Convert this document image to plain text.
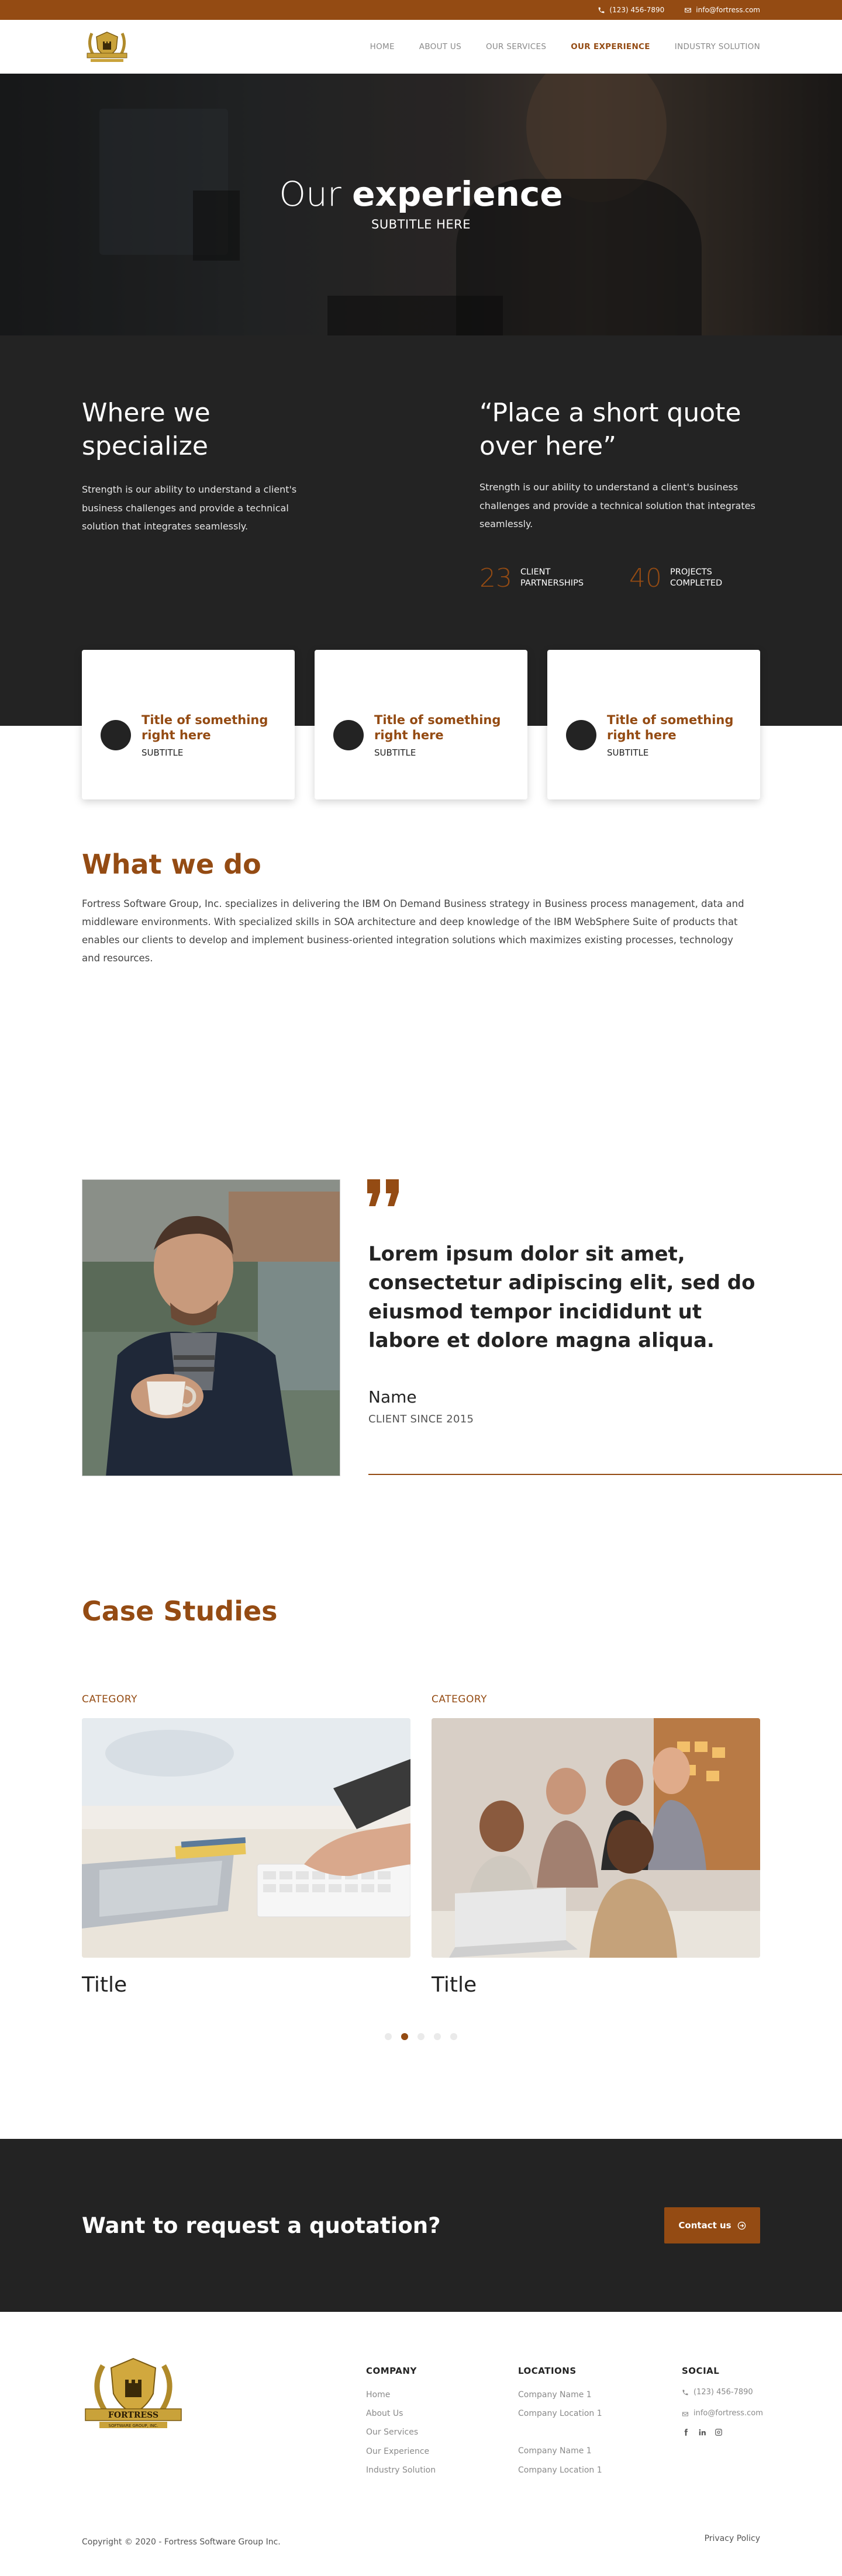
(123) 456-7890	info@fortress.com
HOME	ABOUT US	OUR SERVICES	OUR EXPERIENCE	INDUSTRY SOLUTION
Our experience
SUBTITLE HERE
Where we specialize

Strength is our ability to understand a client's business challenges and provide a technical solution that integrates seamlessly.

“Place a short quote over here”

Strength is our ability to understand a client's business challenges and provide a technical solution that integrates seamlessly.

23 CLIENT PARTNERSHIPS	40 PROJECTS COMPLETED
Title of something right here
SUBTITLE
Title of something right here
SUBTITLE
Title of something right here
SUBTITLE
What we do

Fortress Software Group, Inc. specializes in delivering the IBM On Demand Business strategy in Business process management, data and middleware environments. With specialized skills in SOA architecture and deep knowledge of the IBM WebSphere Suite of products that enables our clients to develop and implement business-oriented integration solutions which maximizes existing processes, technology and resources.

Lorem ipsum dolor sit amet, consectetur adipiscing elit, sed do eiusmod tempor incididunt ut labore et dolore magna aliqua.

Name
CLIENT SINCE 2015
Case Studies
CATEGORY
Title
CATEGORY
Title
Want to request a quotation?	Contact us
FORTRESS
SOFTWARE GROUP, INC.
COMPANY
Home
About Us
Our Services
Our Experience
Industry Solution
LOCATIONS
Company Name 1
Company Location 1
Company Name 1
Company Location 1
SOCIAL
(123) 456-7890
info@fortress.com
Copyright © 2020 - Fortress Software Group Inc.	Privacy Policy
